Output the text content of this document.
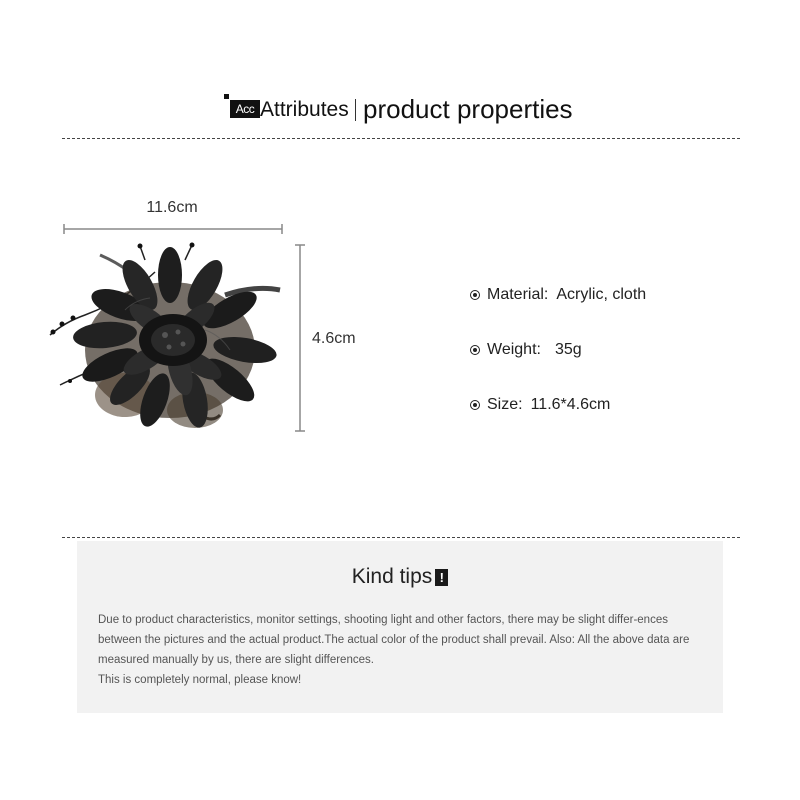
Acc Attributes product properties
11.6cm
4.6cm
Material: Acrylic, cloth
Weight: 35g
Size: 11.6*4.6cm
Kind tips !

Due to product characteristics, monitor settings, shooting light and other factors, there may be slight differ-ences between the pictures and the actual product.The actual color of the product shall prevail. Also: All the above data are measured manually by us, there are slight differences.

This is completely normal, please know!
